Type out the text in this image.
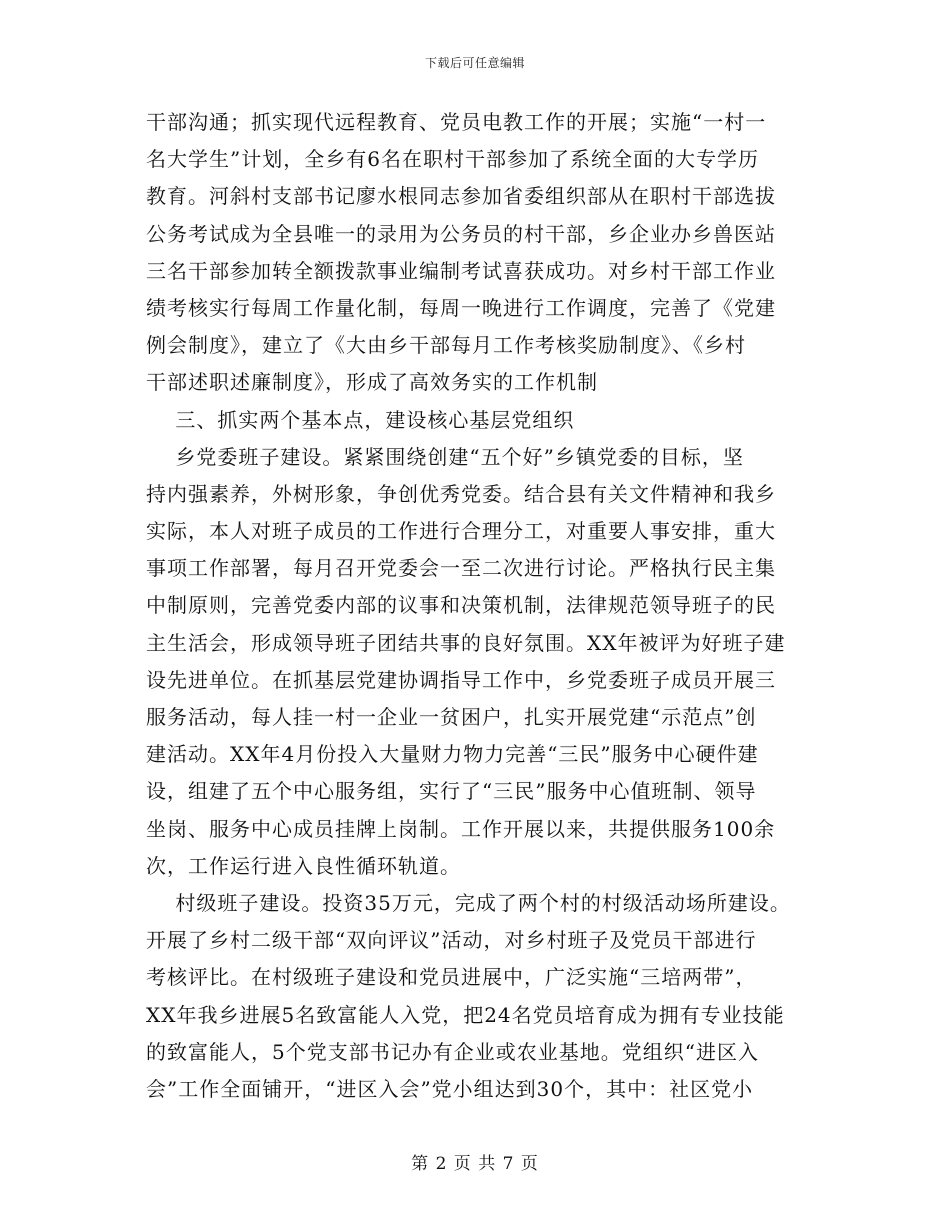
下载后可任意编辑
干部沟通；抓实现代远程教育、党员电教工作的开展；实施“一村一
名大学生”计划，全乡有6名在职村干部参加了系统全面的大专学历
教育。河斜村支部书记廖水根同志参加省委组织部从在职村干部选拔
公务考试成为全县唯一的录用为公务员的村干部，乡企业办乡兽医站
三名干部参加转全额拨款事业编制考试喜获成功。对乡村干部工作业
绩考核实行每周工作量化制，每周一晚进行工作调度，完善了《党建
例会制度》，建立了《大由乡干部每月工作考核奖励制度》、《乡村
干部述职述廉制度》，形成了高效务实的工作机制
三、抓实两个基本点，建设核心基层党组织
乡党委班子建设。紧紧围绕创建“五个好”乡镇党委的目标，坚
持内强素养，外树形象，争创优秀党委。结合县有关文件精神和我乡
实际，本人对班子成员的工作进行合理分工，对重要人事安排，重大
事项工作部署，每月召开党委会一至二次进行讨论。严格执行民主集
中制原则，完善党委内部的议事和决策机制，法律规范领导班子的民
主生活会，形成领导班子团结共事的良好氛围。XX年被评为好班子建
设先进单位。在抓基层党建协调指导工作中，乡党委班子成员开展三
服务活动，每人挂一村一企业一贫困户，扎实开展党建“示范点”创
建活动。XX年4月份投入大量财力物力完善“三民”服务中心硬件建
设，组建了五个中心服务组，实行了“三民”服务中心值班制、领导
坐岗、服务中心成员挂牌上岗制。工作开展以来，共提供服务100余
次，工作运行进入良性循环轨道。
村级班子建设。投资35万元，完成了两个村的村级活动场所建设。
开展了乡村二级干部“双向评议”活动，对乡村班子及党员干部进行
考核评比。在村级班子建设和党员进展中，广泛实施“三培两带”，
XX年我乡进展5名致富能人入党，把24名党员培育成为拥有专业技能
的致富能人，5个党支部书记办有企业或农业基地。党组织“进区入
会”工作全面铺开，“进区入会”党小组达到30个，其中：社区党小
第 2 页 共 7 页
